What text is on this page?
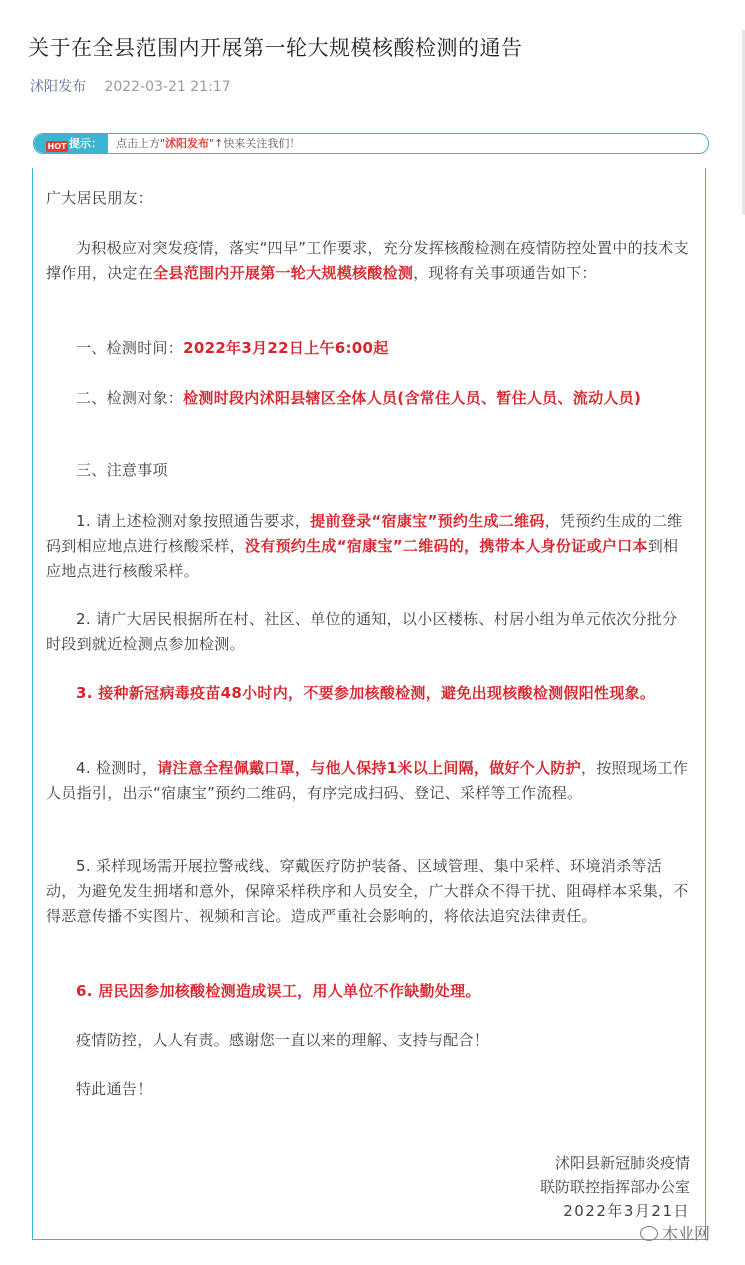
关于在全县范围内开展第一轮大规模核酸检测的通告
沭阳发布 2022-03-21 21:17
提示：	点击上方"沭阳发布"↑快来关注我们！
HOT

广大居民朋友：

为积极应对突发疫情，落实“四早”工作要求，充分发挥核酸检测在疫情防控处置中的技术支撑作用，决定在全县范围内开展第一轮大规模核酸检测，现将有关事项通告如下：

一、检测时间：2022年3月22日上午6:00起

二、检测对象：检测时段内沭阳县辖区全体人员(含常住人员、暂住人员、流动人员)

三、注意事项

1. 请上述检测对象按照通告要求，提前登录“宿康宝”预约生成二维码，凭预约生成的二维码到相应地点进行核酸采样，没有预约生成“宿康宝”二维码的，携带本人身份证或户口本到相应地点进行核酸采样。

2. 请广大居民根据所在村、社区、单位的通知，以小区楼栋、村居小组为单元依次分批分时段到就近检测点参加检测。

3. 接种新冠病毒疫苗48小时内，不要参加核酸检测，避免出现核酸检测假阳性现象。

4. 检测时，请注意全程佩戴口罩，与他人保持1米以上间隔，做好个人防护，按照现场工作人员指引，出示“宿康宝”预约二维码，有序完成扫码、登记、采样等工作流程。

5. 采样现场需开展拉警戒线、穿戴医疗防护装备、区域管理、集中采样、环境消杀等活动，为避免发生拥堵和意外，保障采样秩序和人员安全，广大群众不得干扰、阻碍样本采集，不得恶意传播不实图片、视频和言论。造成严重社会影响的，将依法追究法律责任。

6. 居民因参加核酸检测造成误工，用人单位不作缺勤处理。

疫情防控，人人有责。感谢您一直以来的理解、支持与配合！

特此通告！

沭阳县新冠肺炎疫情

联防联控指挥部办公室

2022年3月21日

木业网
